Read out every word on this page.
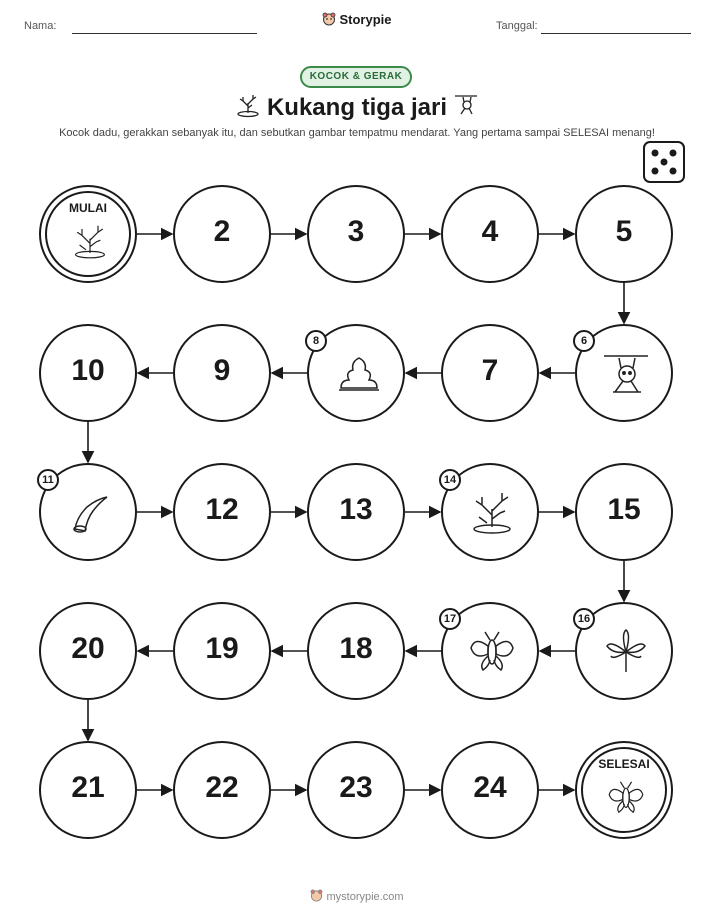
Nama:	Storypie	Tanggal:
KOCOK & GERAK
Kukang tiga jari
Kocok dadu, gerakkan sebanyak itu, dan sebutkan gambar tempatmu mendarat. Yang pertama sampai SELESAI menang!
MULAI
2	3	4	5
6
7
8
9
10
11
12	13
14
15
16
17
18
19
20
21	22	23	24
SELESAI
mystorypie.com
